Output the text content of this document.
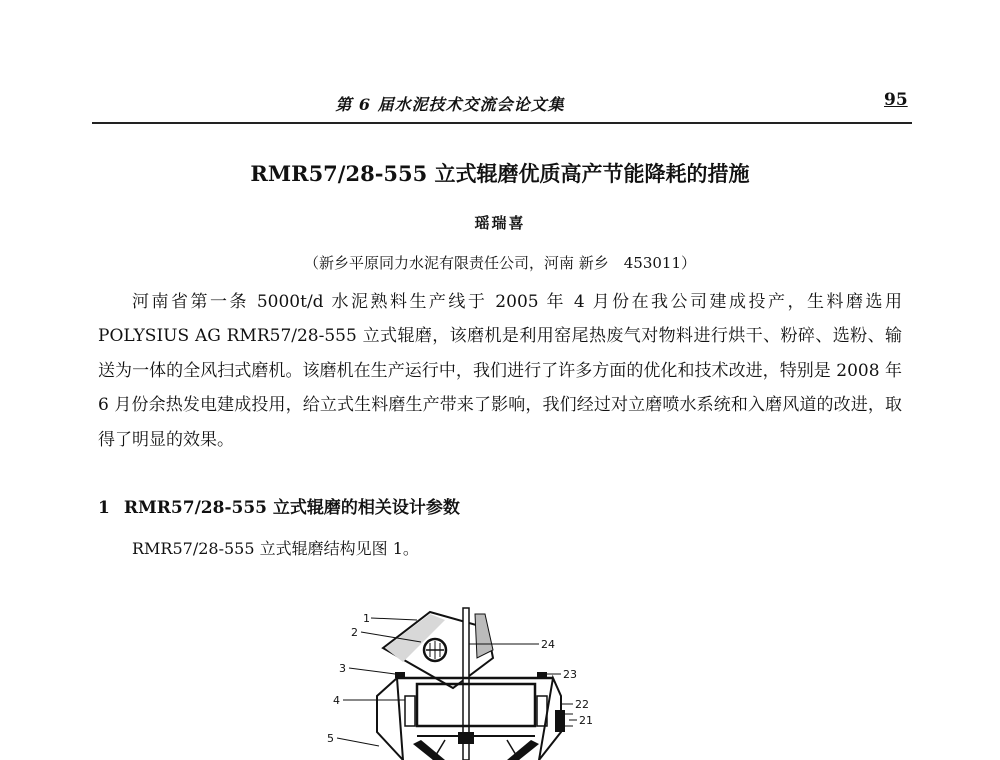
第 6 届水泥技术交流会论文集	95
RMR57/28-555 立式辊磨优质高产节能降耗的措施
瑶瑞喜
（新乡平原同力水泥有限责任公司，河南 新乡　453011）

河南省第一条 5000t/d 水泥熟料生产线于 2005 年 4 月份在我公司建成投产，生料磨选用 POLYSIUS AG RMR57/28-555 立式辊磨，该磨机是利用窑尾热废气对物料进行烘干、粉碎、选粉、输送为一体的全风扫式磨机。该磨机在生产运行中，我们进行了许多方面的优化和技术改进，特别是 2008 年 6 月份余热发电建成投用，给立式生料磨生产带来了影响，我们经过对立磨喷水系统和入磨风道的改进，取得了明显的效果。

1 RMR57/28-555 立式辊磨的相关设计参数
RMR57/28-555 立式辊磨结构见图 1。
1
2
3
4
5
24
23
22
21
